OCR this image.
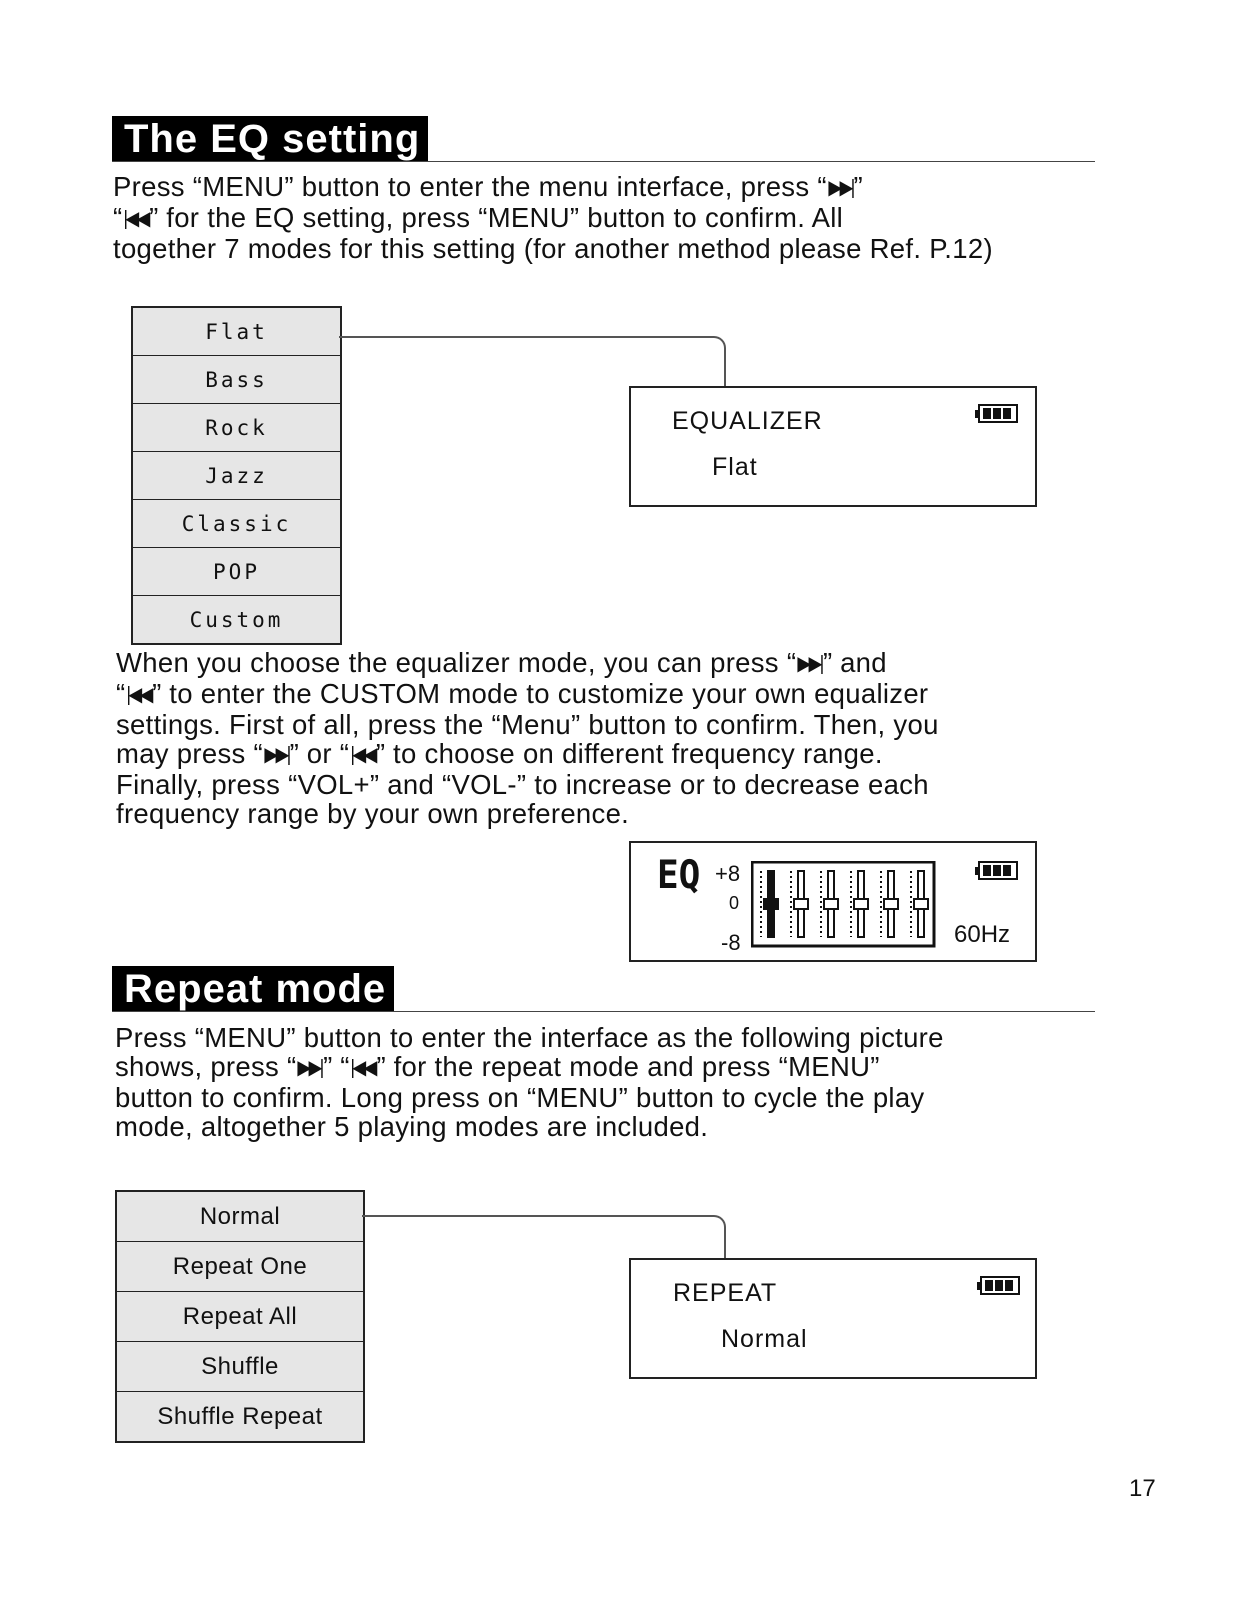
The EQ setting

Press “MENU” button to enter the menu interface, press “▶▶|”
“|◀◀” for the EQ setting, press “MENU” button to confirm. All
together 7 modes for this setting (for another method please Ref. P.12)

Flat
Bass
Rock
Jazz
Classic
POP
Custom
EQUALIZER
Flat

When you choose the equalizer mode, you can press “▶▶|” and
“|◀◀” to enter the CUSTOM mode to customize your own equalizer
settings. First of all, press the “Menu” button to confirm. Then, you
may press “▶▶|” or “|◀◀” to choose on different frequency range.
Finally, press “VOL+” and “VOL-” to increase or to decrease each
frequency range by your own preference.

EQ +8
0
-8	60Hz
Repeat mode

Press “MENU” button to enter the interface as the following picture
shows, press “▶▶|” “|◀◀” for the repeat mode and press “MENU”
button to confirm. Long press on “MENU” button to cycle the play
mode, altogether 5 playing modes are included.

Normal
Repeat One
Repeat All
Shuffle
Shuffle Repeat
REPEAT
Normal
17
